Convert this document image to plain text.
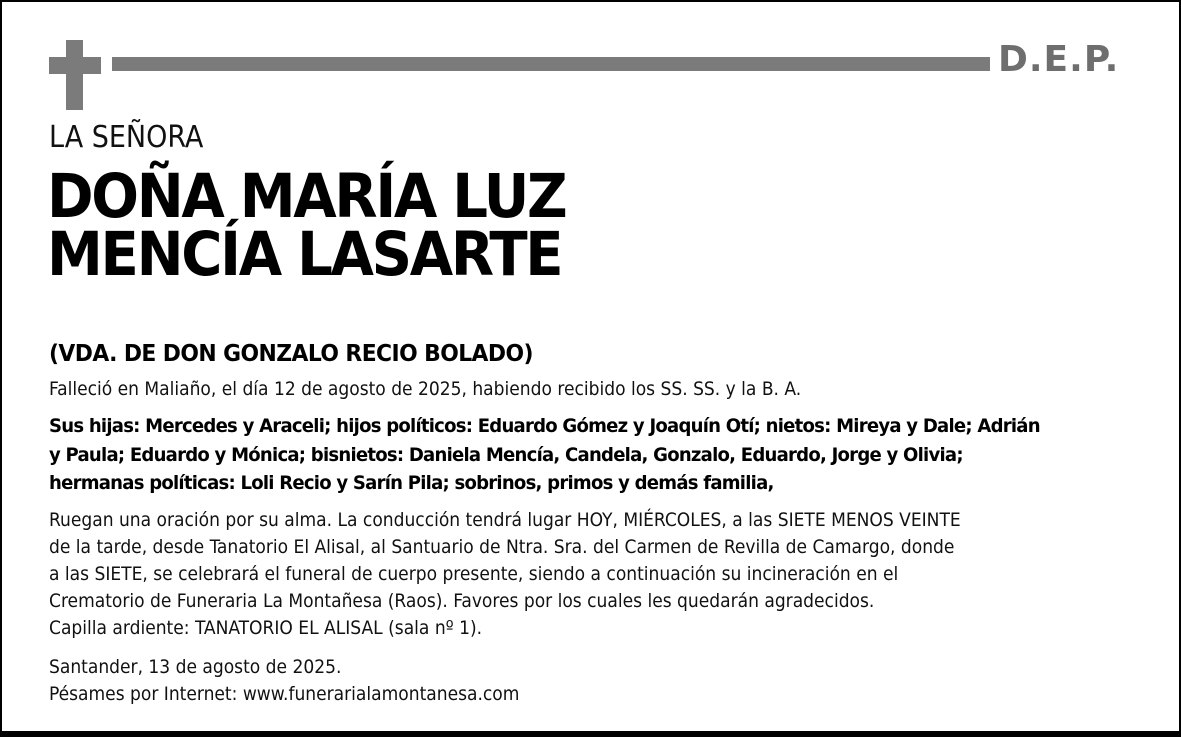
D.E.P.
LA SEÑORA
DOÑA MARÍA LUZ
MENCÍA LASARTE
(VDA. DE DON GONZALO RECIO BOLADO)
Falleció en Maliaño, el día 12 de agosto de 2025, habiendo recibido los SS. SS. y la B. A.
Sus hijas: Mercedes y Araceli; hijos políticos: Eduardo Gómez y Joaquín Otí; nietos: Mireya y Dale; Adrián
y Paula; Eduardo y Mónica; bisnietos: Daniela Mencía, Candela, Gonzalo, Eduardo, Jorge y Olivia;
hermanas políticas: Loli Recio y Sarín Pila; sobrinos, primos y demás familia,
Ruegan una oración por su alma. La conducción tendrá lugar HOY, MIÉRCOLES, a las SIETE MENOS VEINTE
de la tarde, desde Tanatorio El Alisal, al Santuario de Ntra. Sra. del Carmen de Revilla de Camargo, donde
a las SIETE, se celebrará el funeral de cuerpo presente, siendo a continuación su incineración en el
Crematorio de Funeraria La Montañesa (Raos). Favores por los cuales les quedarán agradecidos.
Capilla ardiente: TANATORIO EL ALISAL (sala nº 1).
Santander, 13 de agosto de 2025.
Pésames por Internet: www.funerarialamontanesa.com
